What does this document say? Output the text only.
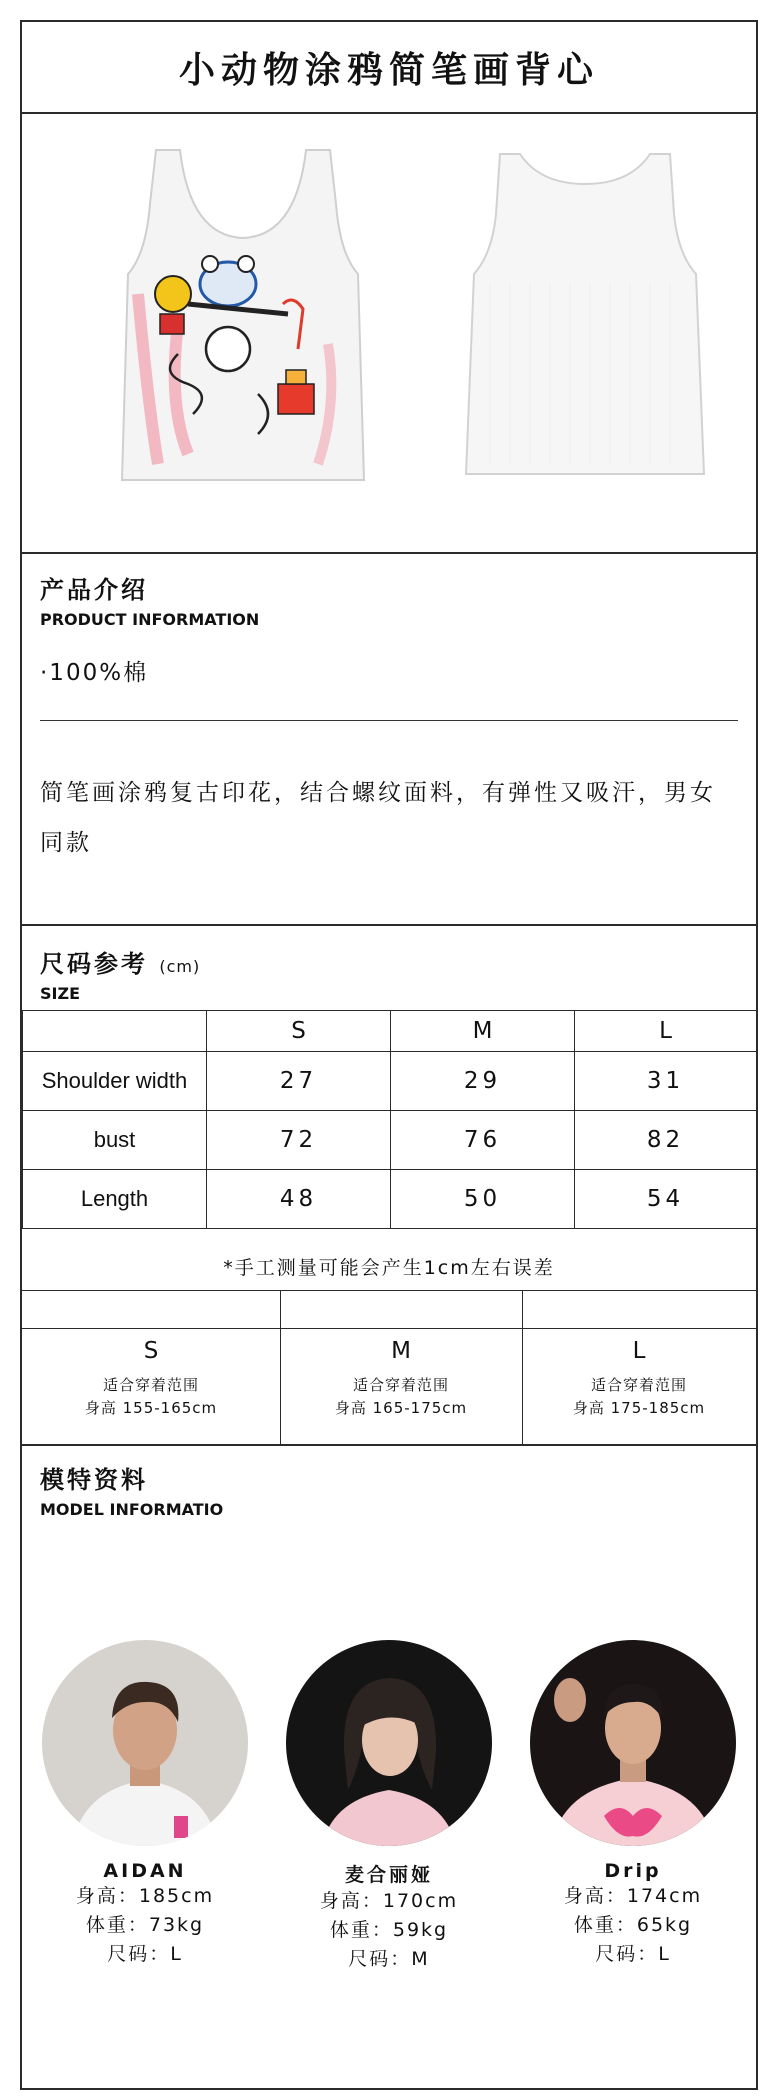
小动物涂鸦简笔画背心
产品介绍
PRODUCT INFORMATION
·100%棉
简笔画涂鸦复古印花，结合螺纹面料，有弹性又吸汗，男女同款
尺码参考 (cm)
SIZE
	S	M	L
Shoulder width	27	29	31
bust	72	76	82
Length	48	50	54
*手工测量可能会产生1cm左右误差
S
适合穿着范围
身高 155-165cm
M
适合穿着范围
身高 165-175cm
L
适合穿着范围
身高 175-185cm
模特资料
MODEL INFORMATIO
AIDAN
身高：185cm
体重：73kg
尺码：L
麦合丽娅
身高：170cm
体重：59kg
尺码：M
Drip
身高：174cm
体重：65kg
尺码：L
